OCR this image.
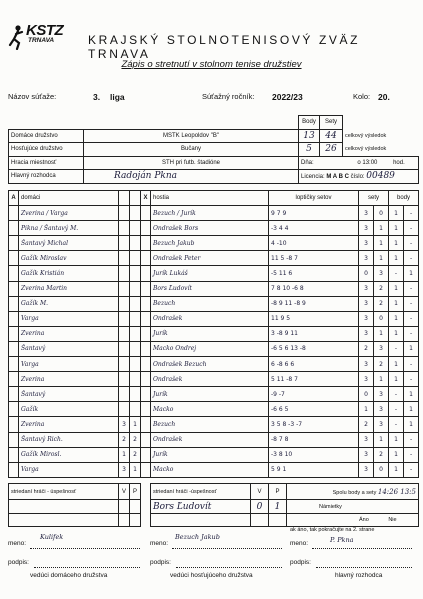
KSTZ
TRNAVA	KRAJSKÝ STOLNOTENISOVÝ ZVÄZ TRNAVA
Zápis o stretnutí v stolnom tenise družstiev
Názov súťaže:	3. liga	Súťažný ročník: 2022/23	Kolo: 20.
		Body	Sety	
Domáce družstvo	MSTK Leopoldov "B"	13	44	celkový výsledok
Hosťujúce družstvo	Bučany	5	26	celkový výsledok
Hracia miestnosť	STH pri futb. štadióne	Dňa: o 13:00 hod.		
Hlavný rozhodca	Radoján Pkna	Licencia: M A B C číslo: 00489		
A	domáci			X	hostia	loptičky setov	sety		body	
	Zverina / Varga				Bezuch / Jurík	9 7 9	3	0	1	-
	Pikna / Šantavý M.				Ondrašek Bors	-3 4 4	3	1	1	-
	Šantavý Michal				Bezuch Jakub	4 -10	3	1	1	-
	Gažík Miroslav				Ondrašek Peter	11 5 -8 7	3	1	1	-
	Gažík Kristián				Jurík Lukáš	-5 11 6	0	3	-	1
	Zverina Martin				Bors Ľudovít	7 8 10 -6 8	3	2	1	-
	Gažík M.				Bezuch	-8 9 11 -8 9	3	2	1	-
	Varga				Ondrašek	11 9 5	3	0	1	-
	Zverina				Jurík	3 -8 9 11	3	1	1	-
	Šantavý				Macko Ondrej	-6 5 6 13 -8	2	3	-	1
	Varga				Ondrašek Bezuch	6 -8 6 6	3	2	1	-
	Zverina				Ondrašek	5 11 -8 7	3	1	1	-
	Šantavý				Jurík	-9 -7	0	3	-	1
	Gažík				Macko	-6 6 5	1	3	-	1
	Zverina	3	1		Bezuch	3 5 8 -3 -7	2	3	-	1
	Šantavý Rich.	2	2		Ondrašek	-8 7 8	3	1	1	-
	Gažík Mirosl.	1	2		Jurík	-3 8 10	3	2	1	-
	Varga	3	1		Macko	5 9 1	3	0	1	-
striedaní hráči - úspešnosť	V	P		striedaní hráči -úspešnosť	V	P	Spolu body a sety 14:26 13:5
				Bors Ľudovít	0	1	Námietky
							Áno Nie
ak áno, tak pokračujte na 2. strane
meno:	meno:	meno:
Kulifek	Bezuch Jakub	P. Pkna
podpis:	podpis:	podpis:
vedúci domáceho družstva	vedúci hosťujúceho družstva	hlavný rozhodca
